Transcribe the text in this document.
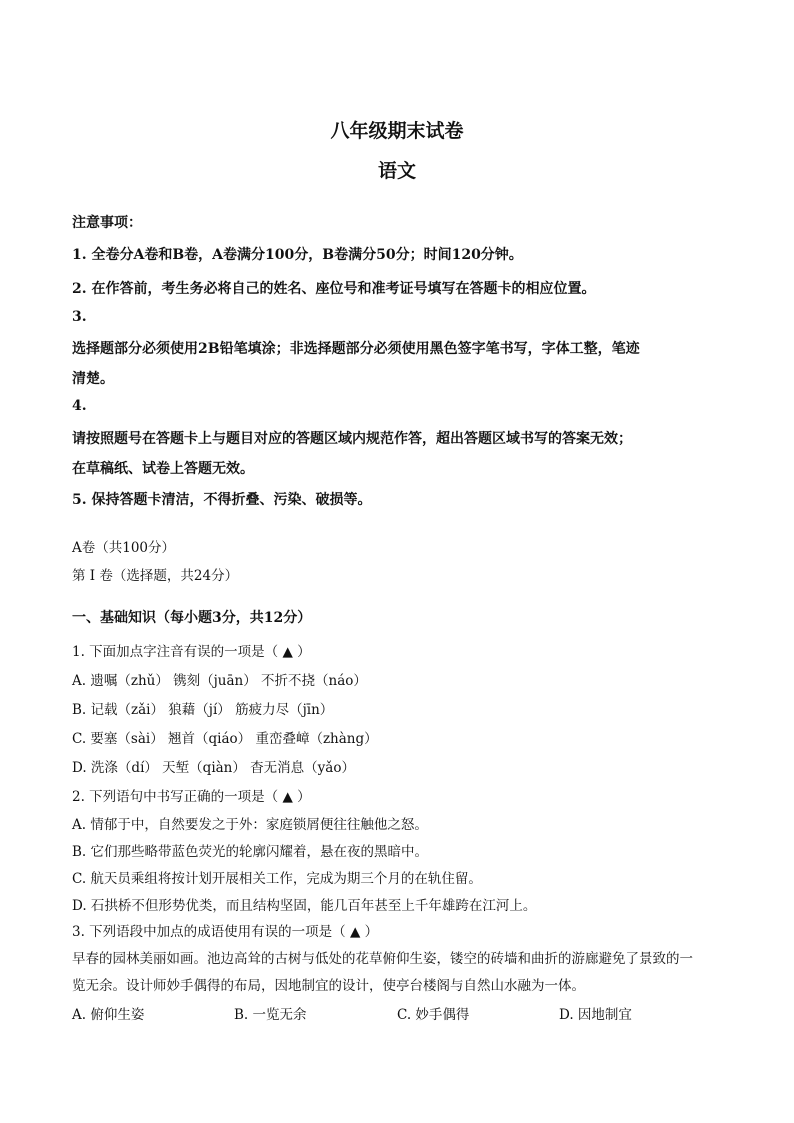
八年级期末试卷
语文
注意事项：
1. 全卷分A卷和B卷，A卷满分100分，B卷满分50分；时间120分钟。
2. 在作答前，考生务必将自己的姓名、座位号和准考证号填写在答题卡的相应位置。
3.
选择题部分必须使用2B铅笔填涂；非选择题部分必须使用黑色签字笔书写，字体工整，笔迹
清楚。
4.
请按照题号在答题卡上与题目对应的答题区域内规范作答，超出答题区域书写的答案无效；
在草稿纸、试卷上答题无效。
5. 保持答题卡清洁，不得折叠、污染、破损等。
A卷（共100分）
第 I 卷（选择题，共24分）
一、基础知识（每小题3分，共12分）
1. 下面加点字注音有误的一项是（ ▲ ）
A. 遗嘱（zhǔ） 镌刻（juān） 不折不挠（náo）
B. 记载（zǎi） 狼藉（jí） 筋疲力尽（jīn）
C. 要塞（sài） 翘首（qiáo） 重峦叠嶂（zhàng）
D. 洗涤（dí） 天堑（qiàn） 杳无消息（yǎo）
2. 下列语句中书写正确的一项是（ ▲ ）
A. 情郁于中，自然要发之于外：家庭锁屑便往往触他之怒。
B. 它们那些略带蓝色荧光的轮廓闪耀着，悬在夜的黑暗中。
C. 航天员乘组将按计划开展相关工作，完成为期三个月的在轨住留。
D. 石拱桥不但形势优类，而且结构坚固，能几百年甚至上千年雄跨在江河上。
3. 下列语段中加点的成语使用有误的一项是（ ▲ ）
早春的园林美丽如画。池边高耸的古树与低处的花草俯仰生姿，镂空的砖墙和曲折的游廊避免了景致的一
览无余。设计师妙手偶得的布局，因地制宜的设计，使亭台楼阁与自然山水融为一体。
A. 俯仰生姿	B. 一览无余	C. 妙手偶得	D. 因地制宜
